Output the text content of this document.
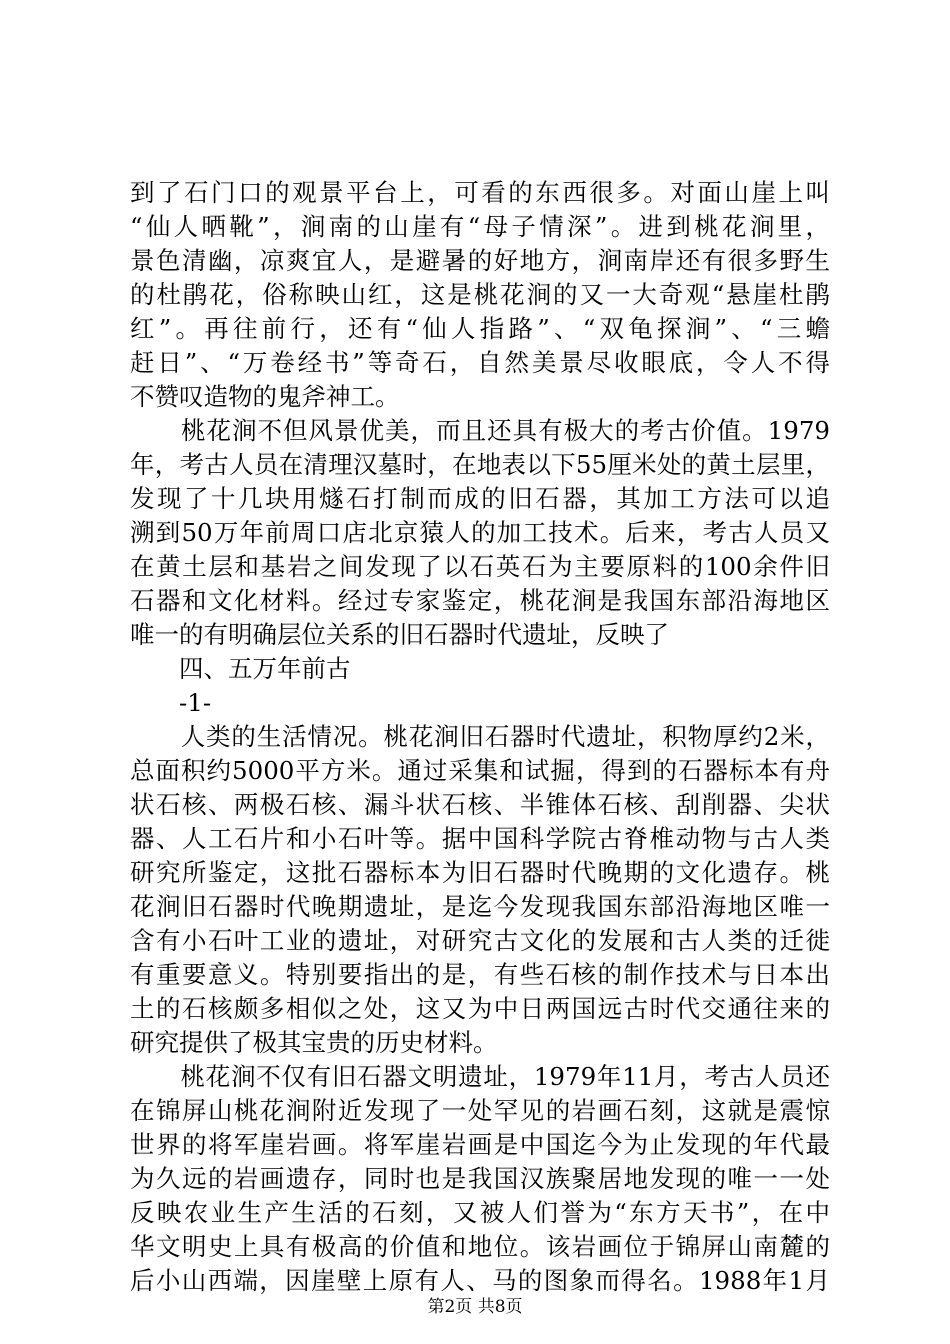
到了石门口的观景平台上，可看的东西很多。对面山崖上叫
“仙人晒靴”，涧南的山崖有“母子情深”。进到桃花涧里，
景色清幽，凉爽宜人，是避暑的好地方，涧南岸还有很多野生
的杜鹃花，俗称映山红，这是桃花涧的又一大奇观“悬崖杜鹃
红”。再往前行，还有“仙人指路”、“双龟探涧”、“三蟾
赶日”、“万卷经书”等奇石，自然美景尽收眼底，令人不得
不赞叹造物的鬼斧神工。
　　桃花涧不但风景优美，而且还具有极大的考古价值。1979
年，考古人员在清理汉墓时，在地表以下55厘米处的黄土层里，
发现了十几块用燧石打制而成的旧石器，其加工方法可以追
溯到50万年前周口店北京猿人的加工技术。后来，考古人员又
在黄土层和基岩之间发现了以石英石为主要原料的100余件旧
石器和文化材料。经过专家鉴定，桃花涧是我国东部沿海地区
唯一的有明确层位关系的旧石器时代遗址，反映了
　　四、五万年前古
　　-1-
　　人类的生活情况。桃花涧旧石器时代遗址，积物厚约2米，
总面积约5000平方米。通过采集和试掘，得到的石器标本有舟
状石核、两极石核、漏斗状石核、半锥体石核、刮削器、尖状
器、人工石片和小石叶等。据中国科学院古脊椎动物与古人类
研究所鉴定，这批石器标本为旧石器时代晚期的文化遗存。桃
花涧旧石器时代晚期遗址，是迄今发现我国东部沿海地区唯一
含有小石叶工业的遗址，对研究古文化的发展和古人类的迁徙
有重要意义。特别要指出的是，有些石核的制作技术与日本出
土的石核颇多相似之处，这又为中日两国远古时代交通往来的
研究提供了极其宝贵的历史材料。
　　桃花涧不仅有旧石器文明遗址，1979年11月，考古人员还
在锦屏山桃花涧附近发现了一处罕见的岩画石刻，这就是震惊
世界的将军崖岩画。将军崖岩画是中国迄今为止发现的年代最
为久远的岩画遗存，同时也是我国汉族聚居地发现的唯一一处
反映农业生产生活的石刻，又被人们誉为“东方天书”，在中
华文明史上具有极高的价值和地位。该岩画位于锦屏山南麓的
后小山西端，因崖壁上原有人、马的图象而得名。1988年1月
第2页 共8页
